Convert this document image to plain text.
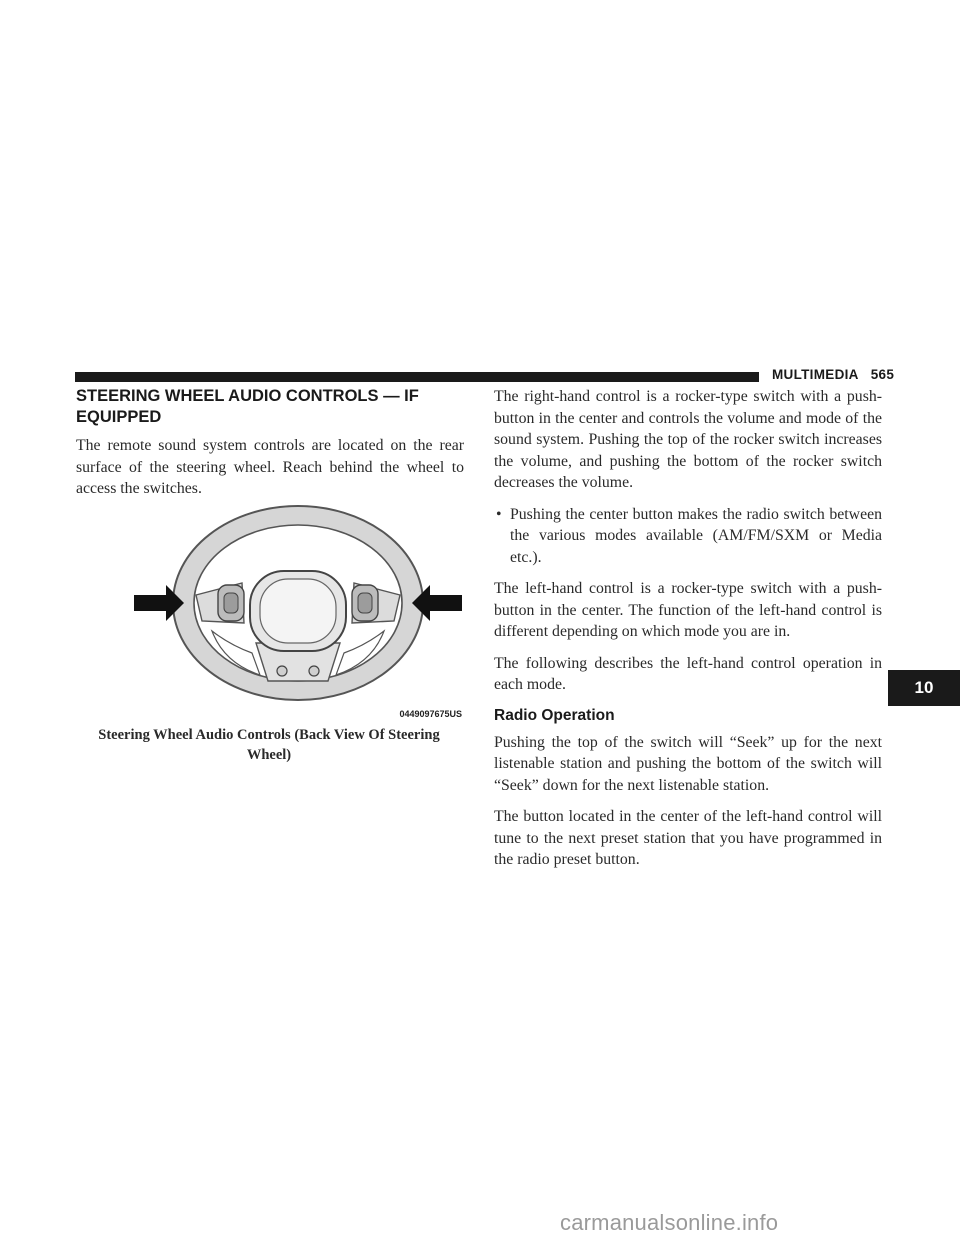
MULTIMEDIA 565
STEERING WHEEL AUDIO CONTROLS — IF EQUIPPED

The remote sound system controls are located on the rear surface of the steering wheel. Reach behind the wheel to access the switches.

0449097675US
Steering Wheel Audio Controls (Back View Of Steering Wheel)

The right-hand control is a rocker-type switch with a push-button in the center and controls the volume and mode of the sound system. Pushing the top of the rocker switch increases the volume, and pushing the bottom of the rocker switch decreases the volume.

• Pushing the center button makes the radio switch between the various modes available (AM/FM/SXM or Media etc.).

The left-hand control is a rocker-type switch with a push-button in the center. The function of the left-hand control is different depending on which mode you are in.

The following describes the left-hand control operation in each mode.

Radio Operation

Pushing the top of the switch will “Seek” up for the next listenable station and pushing the bottom of the switch will “Seek” down for the next listenable station.

The button located in the center of the left-hand control will tune to the next preset station that you have programmed in the radio preset button.

10
carmanualsonline.info
